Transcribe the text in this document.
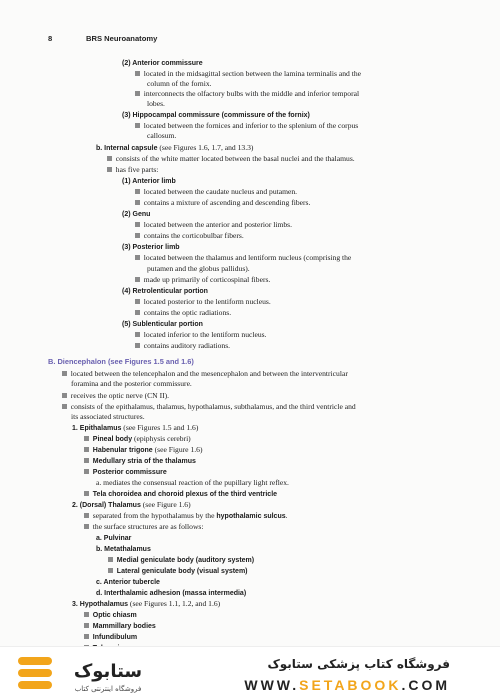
8	BRS Neuroanatomy
(2) Anterior commissure
located in the midsagittal section between the lamina terminalis and the
column of the fornix.
interconnects the olfactory bulbs with the middle and inferior temporal
lobes.
(3) Hippocampal commissure (commissure of the fornix)
located between the fornices and inferior to the splenium of the corpus
callosum.
b. Internal capsule (see Figures 1.6, 1.7, and 13.3)
consists of the white matter located between the basal nuclei and the thalamus.
has five parts:
(1) Anterior limb
located between the caudate nucleus and putamen.
contains a mixture of ascending and descending fibers.
(2) Genu
located between the anterior and posterior limbs.
contains the corticobulbar fibers.
(3) Posterior limb
located between the thalamus and lentiform nucleus (comprising the
putamen and the globus pallidus).
made up primarily of corticospinal fibers.
(4) Retrolenticular portion
located posterior to the lentiform nucleus.
contains the optic radiations.
(5) Sublenticular portion
located inferior to the lentiform nucleus.
contains auditory radiations.
B. Diencephalon (see Figures 1.5 and 1.6)
located between the telencephalon and the mesencephalon and between the interventricular
foramina and the posterior commissure.
receives the optic nerve (CN II).
consists of the epithalamus, thalamus, hypothalamus, subthalamus, and the third ventricle and
its associated structures.
1. Epithalamus (see Figures 1.5 and 1.6)
Pineal body (epiphysis cerebri)
Habenular trigone (see Figure 1.6)
Medullary stria of the thalamus
Posterior commissure
a. mediates the consensual reaction of the pupillary light reflex.
Tela choroidea and choroid plexus of the third ventricle
2. (Dorsal) Thalamus (see Figure 1.6)
separated from the hypothalamus by the hypothalamic sulcus.
the surface structures are as follows:
a. Pulvinar
b. Metathalamus
Medial geniculate body (auditory system)
Lateral geniculate body (visual system)
c. Anterior tubercle
d. Interthalamic adhesion (massa intermedia)
3. Hypothalamus (see Figures 1.1, 1.2, and 1.6)
Optic chiasm
Mammillary bodies
Infundibulum

ستابوک
فروشگاه اینترنتی کتاب
فروشگاه کتاب پزشکی ستابوک
WWW.SETABOOK.COM
